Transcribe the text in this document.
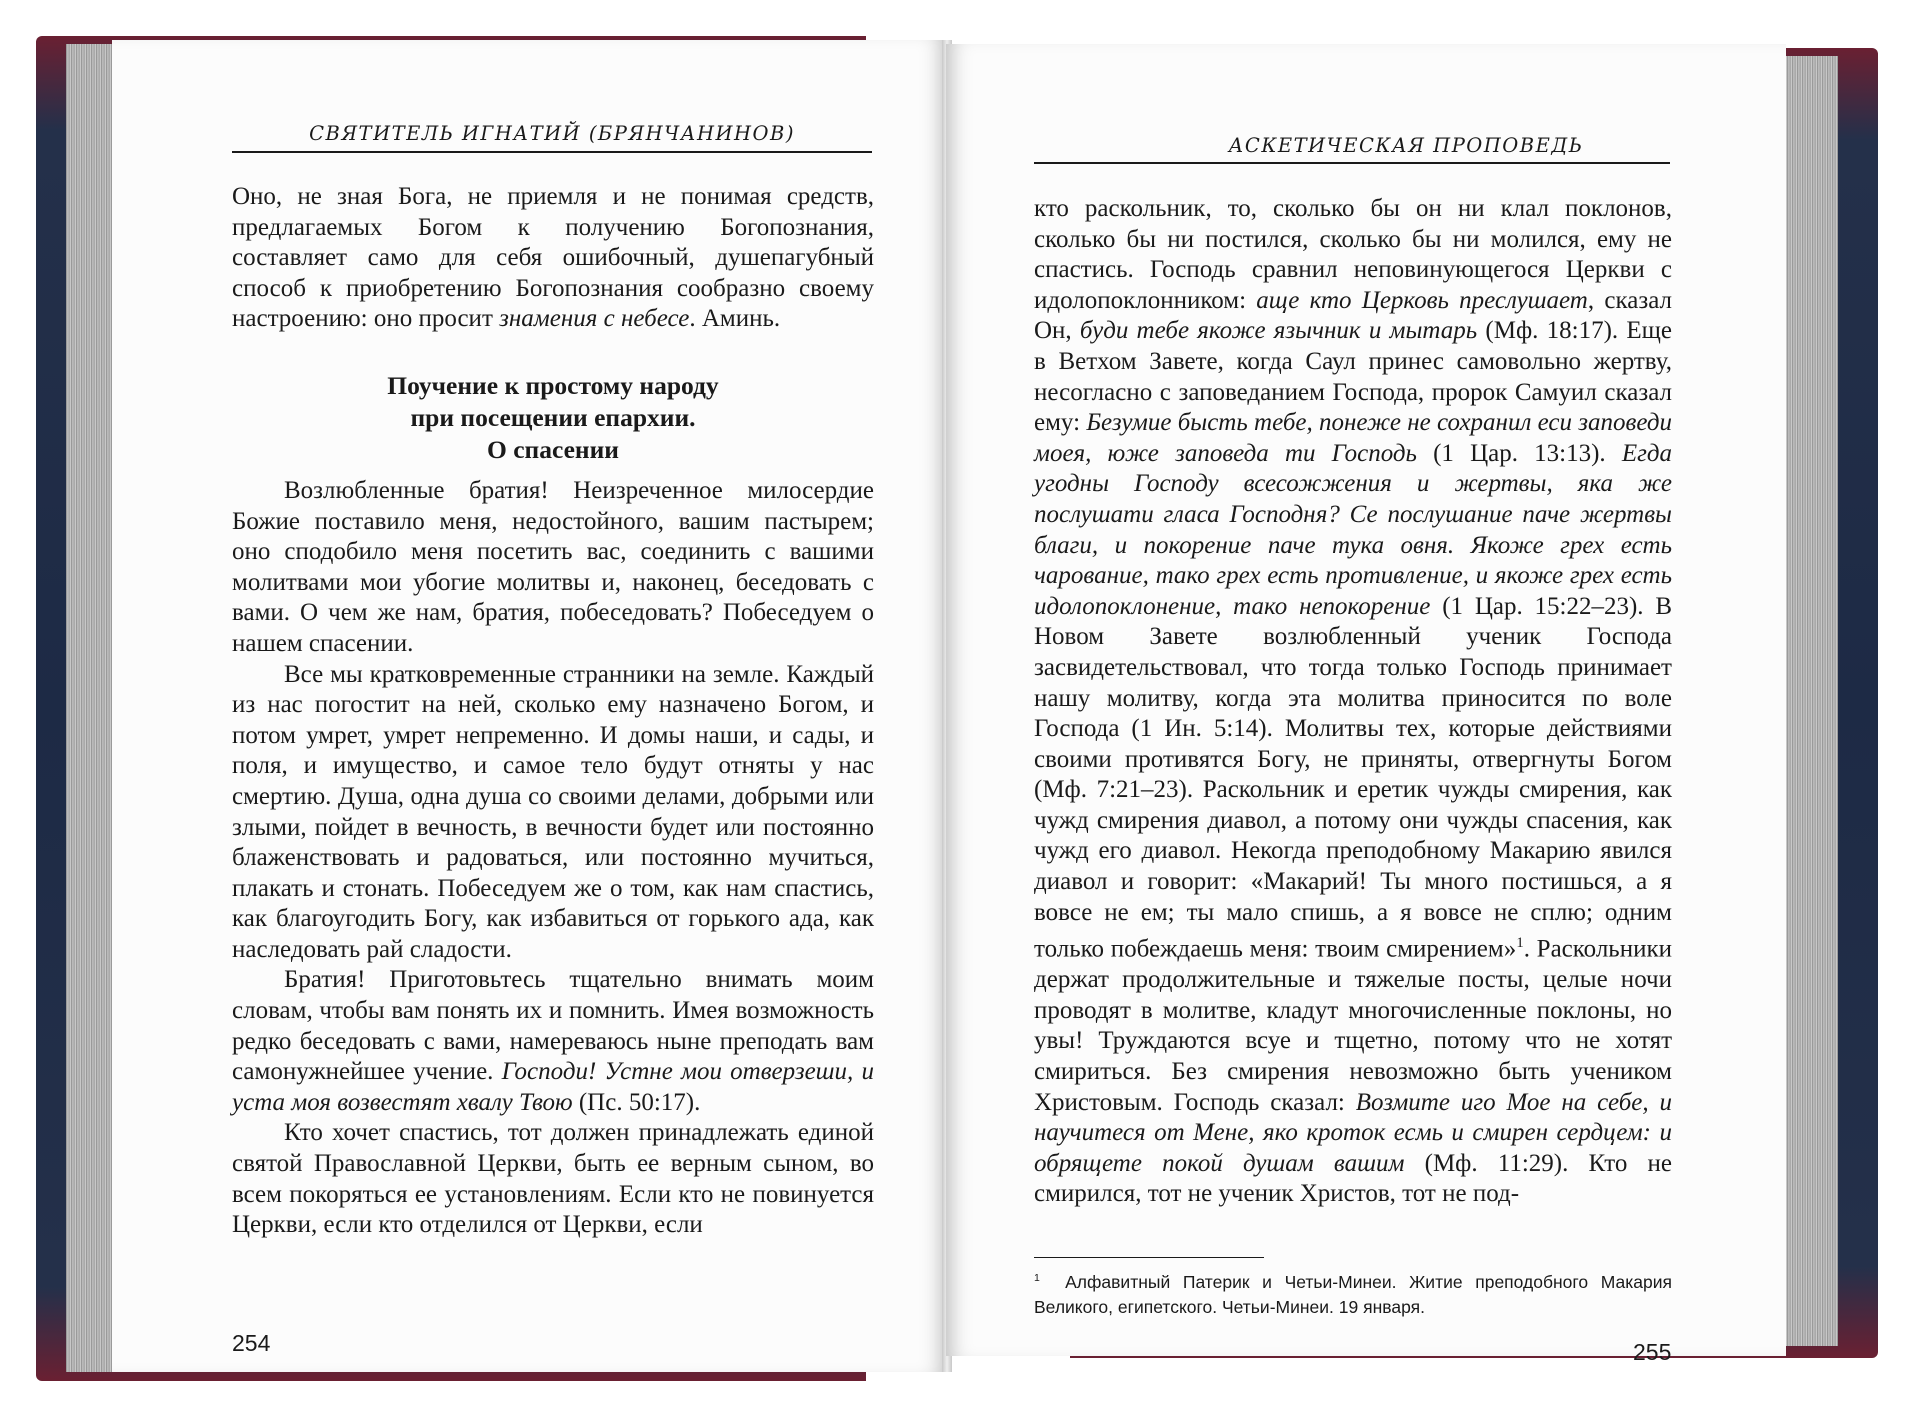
СВЯТИТЕЛЬ ИГНАТИЙ (БРЯНЧАНИНОВ)

Оно, не зная Бога, не приемля и не понимая средств, предлагаемых Богом к получению Богопознания, составляет само для себя ошибочный, душепагубный способ к приобретению Богопознания сообразно своему настроению: оно просит знамения с небесе. Аминь.

Поучение к простому народу
при посещении епархии.
О спасении

Возлюбленные братия! Неизреченное милосердие Божие поставило меня, недостойного, вашим пастырем; оно сподобило меня посетить вас, соединить с вашими молитвами мои убогие молитвы и, наконец, беседовать с вами. О чем же нам, братия, побеседовать? Побеседуем о нашем спасении.

Все мы кратковременные странники на земле. Каждый из нас погостит на ней, сколько ему назначено Богом, и потом умрет, умрет непременно. И домы наши, и сады, и поля, и имущество, и самое тело будут отняты у нас смертию. Душа, одна душа со своими делами, добрыми или злыми, пойдет в вечность, в вечности будет или постоянно блаженствовать и радоваться, или постоянно мучиться, плакать и стонать. Побеседуем же о том, как нам спастись, как благоугодить Богу, как избавиться от горького ада, как наследовать рай сладости.

Братия! Приготовьтесь тщательно внимать моим словам, чтобы вам понять их и помнить. Имея возможность редко беседовать с вами, намереваюсь ныне преподать вам самонужнейшее учение. Господи! Устне мои отверзеши, и уста моя возвестят хвалу Твою (Пс. 50:17).

Кто хочет спастись, тот должен принадлежать единой святой Православной Церкви, быть ее верным сыном, во всем покоряться ее установлениям. Если кто не повинуется Церкви, если кто отделился от Церкви, если

254
АСКЕТИЧЕСКАЯ ПРОПОВЕДЬ

кто раскольник, то, сколько бы он ни клал поклонов, сколько бы ни постился, сколько бы ни молился, ему не спастись. Господь сравнил неповинующегося Церкви с идолопоклонником: аще кто Церковь преслушает, сказал Он, буди тебе якоже язычник и мытарь (Мф. 18:17). Еще в Ветхом Завете, когда Саул принес самовольно жертву, несогласно с заповеданием Господа, пророк Самуил сказал ему: Безумие бысть тебе, понеже не сохранил еси заповеди моея, юже заповеда ти Господь (1 Цар. 13:13). Егда угодны Господу всесожжения и жертвы, яка же послушати гласа Господня? Се послушание паче жертвы благи, и покорение паче тука овня. Якоже грех есть чарование, тако грех есть противление, и якоже грех есть идолопоклонение, тако непокорение (1 Цар. 15:22–23). В Новом Завете возлюбленный ученик Господа засвидетельствовал, что тогда только Господь принимает нашу молитву, когда эта молитва приносится по воле Господа (1 Ин. 5:14). Молитвы тех, которые действиями своими противятся Богу, не приняты, отвергнуты Богом (Мф. 7:21–23). Раскольник и еретик чужды смирения, как чужд смирения диавол, а потому они чужды спасения, как чужд его диавол. Некогда преподобному Макарию явился диавол и говорит: «Макарий! Ты много постишься, а я вовсе не ем; ты мало спишь, а я вовсе не сплю; одним только побеждаешь меня: твоим смирением»$^1$. Раскольники держат продолжительные и тяжелые посты, целые ночи проводят в молитве, кладут многочисленные поклоны, но увы! Труждаются всуе и тщетно, потому что не хотят смириться. Без смирения невозможно быть учеником Христовым. Господь сказал: Возмите иго Мое на себе, и научитеся от Мене, яко кроток есмь и смирен сердцем: и обрящете покой душам вашим (Мф. 11:29). Кто не смирился, тот не ученик Христов, тот не под-

$^1$ Алфавитный Патерик и Четьи-Минеи. Житие преподобного Макария Великого, египетского. Четьи-Минеи. 19 января.
255
